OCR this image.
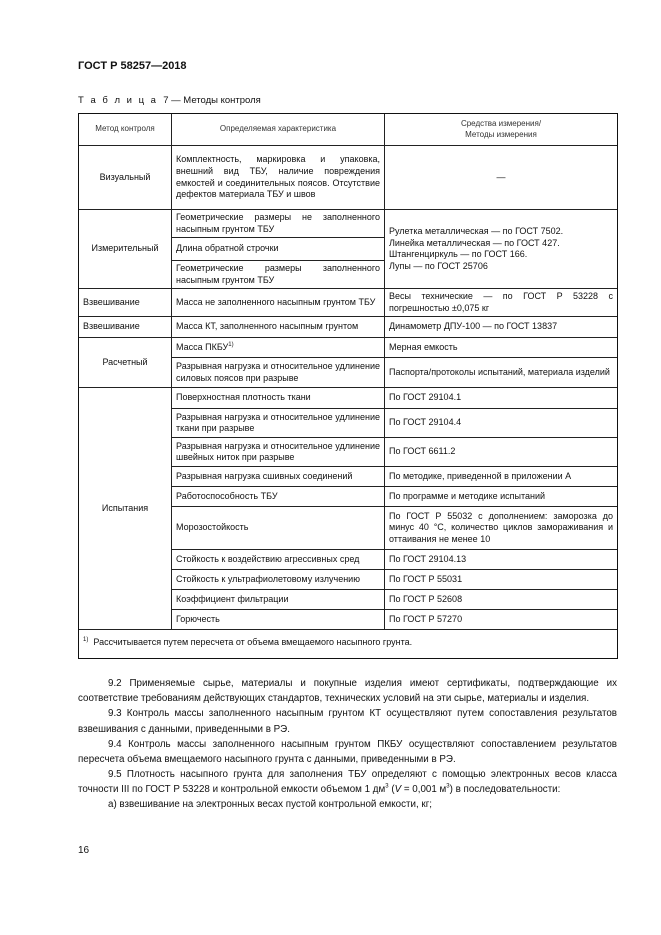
ГОСТ Р 58257—2018
Т а б л и ц а 7 — Методы контроля
Метод контроля	Определяемая характеристика	Средства измерения/
Методы измерения
Визуальный	Комплектность, маркировка и упаковка, внешний вид ТБУ, наличие повреждения емкостей и соединительных поясов. Отсутствие дефектов материала ТБУ и швов	—
Измерительный	Геометрические размеры не заполненного насыпным грунтом ТБУ	Рулетка металлическая — по ГОСТ 7502.
Линейка металлическая — по ГОСТ 427.
Штангенциркуль — по ГОСТ 166.
Лупы — по ГОСТ 25706
	Длина обратной строчки	
	Геометрические размеры заполненного насыпным грунтом ТБУ	
Взвешивание	Масса не заполненного насыпным грунтом ТБУ	Весы технические — по ГОСТ Р 53228 с погрешностью ±0,075 кг
Взвешивание	Масса КТ, заполненного насыпным грунтом	Динамометр ДПУ-100 — по ГОСТ 13837
Расчетный	Масса ПКБУ$^{1)}$	Мерная емкость
	Разрывная нагрузка и относительное удлинение силовых поясов при разрыве	Паспорта/протоколы испытаний, материала изделий
Испытания	Поверхностная плотность ткани	По ГОСТ 29104.1
	Разрывная нагрузка и относительное удлинение ткани при разрыве	По ГОСТ 29104.4
	Разрывная нагрузка и относительное удлинение швейных ниток при разрыве	По ГОСТ 6611.2
	Разрывная нагрузка сшивных соединений	По методике, приведенной в приложении А
	Работоспособность ТБУ	По программе и методике испытаний
	Морозостойкость	По ГОСТ Р 55032 с дополнением: заморозка до минус 40 °С, количество циклов замораживания и оттаивания не менее 10
	Стойкость к воздействию агрессивных сред	По ГОСТ 29104.13
	Стойкость к ультрафиолетовому излучению	По ГОСТ Р 55031
	Коэффициент фильтрации	По ГОСТ Р 52608
	Горючесть	По ГОСТ Р 57270
$^{1)}$ Рассчитывается путем пересчета от объема вмещаемого насыпного грунта.		

9.2 Применяемые сырье, материалы и покупные изделия имеют сертификаты, подтверждающие их соответствие требованиям действующих стандартов, технических условий на эти сырье, материалы и изделия.

9.3 Контроль массы заполненного насыпным грунтом КТ осуществляют путем сопоставления результатов взвешивания с данными, приведенными в РЭ.

9.4 Контроль массы заполненного насыпным грунтом ПКБУ осуществляют сопоставлением результатов пересчета объема вмещаемого насыпного грунта с данными, приведенными в РЭ.

9.5 Плотность насыпного грунта для заполнения ТБУ определяют с помощью электронных весов класса точности III по ГОСТ Р 53228 и контрольной емкости объемом 1 $дм^3$ (V = 0,001 $м^3$) в последовательности:

а) взвешивание на электронных весах пустой контрольной емкости, кг;

16
